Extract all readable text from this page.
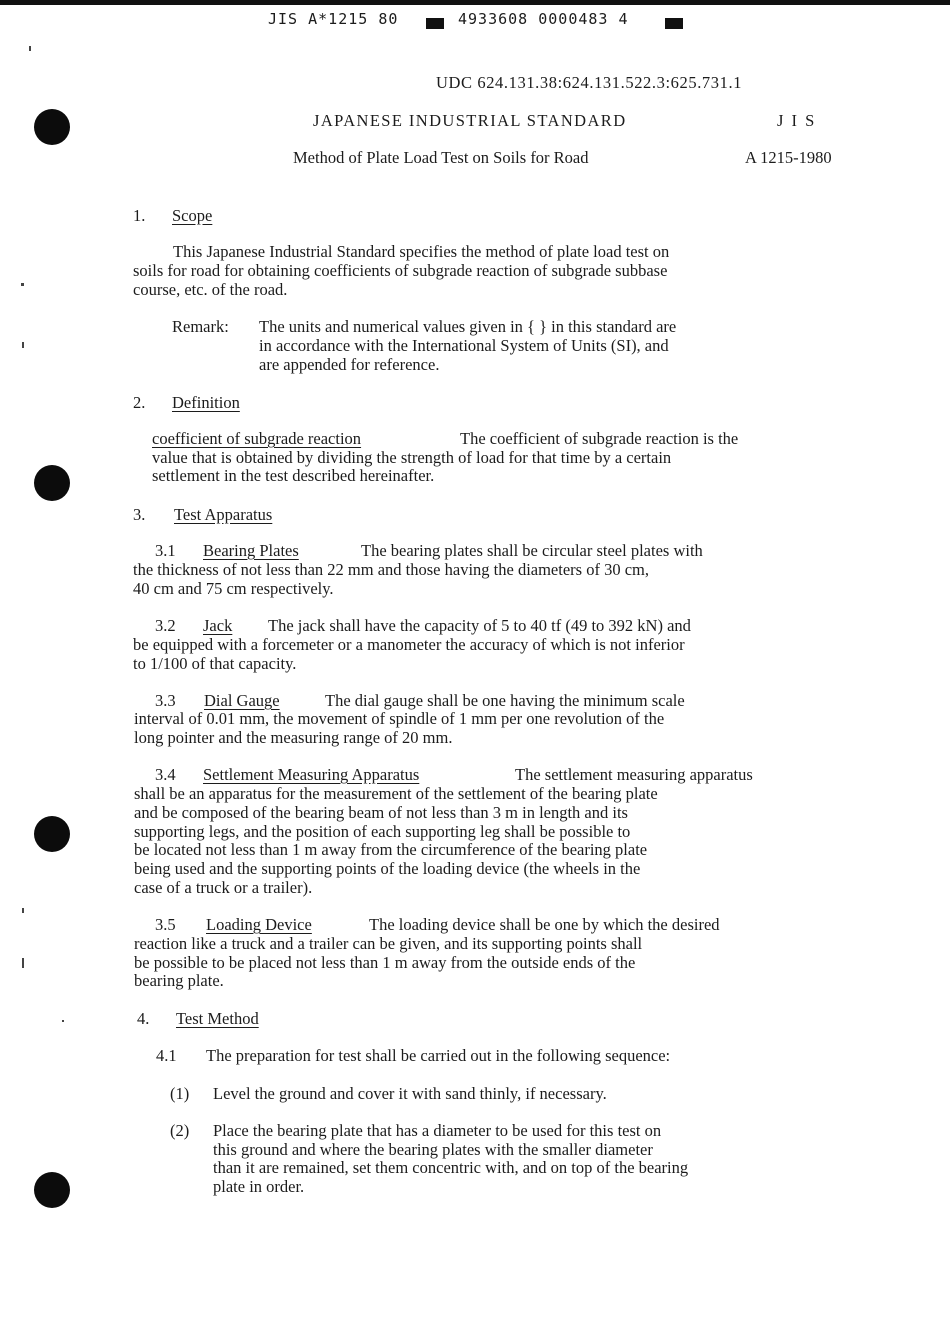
JIS A*1215 80	4933608 0000483 4
UDC 624.131.38:624.131.522.3:625.731.1
JAPANESE INDUSTRIAL STANDARD	J I S
Method of Plate Load Test on Soils for Road	A 1215-1980
1. Scope
This Japanese Industrial Standard specifies the method of plate load test on
soils for road for obtaining coefficients of subgrade reaction of subgrade subbase
course, etc. of the road.
Remark: The units and numerical values given in { } in this standard are
in accordance with the International System of Units (SI), and
are appended for reference.
2. Definition
coefficient of subgrade reaction	The coefficient of subgrade reaction is the
value that is obtained by dividing the strength of load for that time by a certain
settlement in the test described hereinafter.
3. Test Apparatus
3.1 Bearing Plates	The bearing plates shall be circular steel plates with
the thickness of not less than 22 mm and those having the diameters of 30 cm,
40 cm and 75 cm respectively.
3.2 Jack The jack shall have the capacity of 5 to 40 tf (49 to 392 kN) and
be equipped with a forcemeter or a manometer the accuracy of which is not inferior
to 1/100 of that capacity.
3.3 Dial Gauge	The dial gauge shall be one having the minimum scale
interval of 0.01 mm, the movement of spindle of 1 mm per one revolution of the
long pointer and the measuring range of 20 mm.
3.4 Settlement Measuring Apparatus	The settlement measuring apparatus
shall be an apparatus for the measurement of the settlement of the bearing plate
and be composed of the bearing beam of not less than 3 m in length and its
supporting legs, and the position of each supporting leg shall be possible to
be located not less than 1 m away from the circumference of the bearing plate
being used and the supporting points of the loading device (the wheels in the
case of a truck or a trailer).
3.5 Loading Device	The loading device shall be one by which the desired
reaction like a truck and a trailer can be given, and its supporting points shall
be possible to be placed not less than 1 m away from the outside ends of the
bearing plate.
4. Test Method
4.1 The preparation for test shall be carried out in the following sequence:
(1) Level the ground and cover it with sand thinly, if necessary.
(2) Place the bearing plate that has a diameter to be used for this test on
this ground and where the bearing plates with the smaller diameter
than it are remained, set them concentric with, and on top of the bearing
plate in order.
